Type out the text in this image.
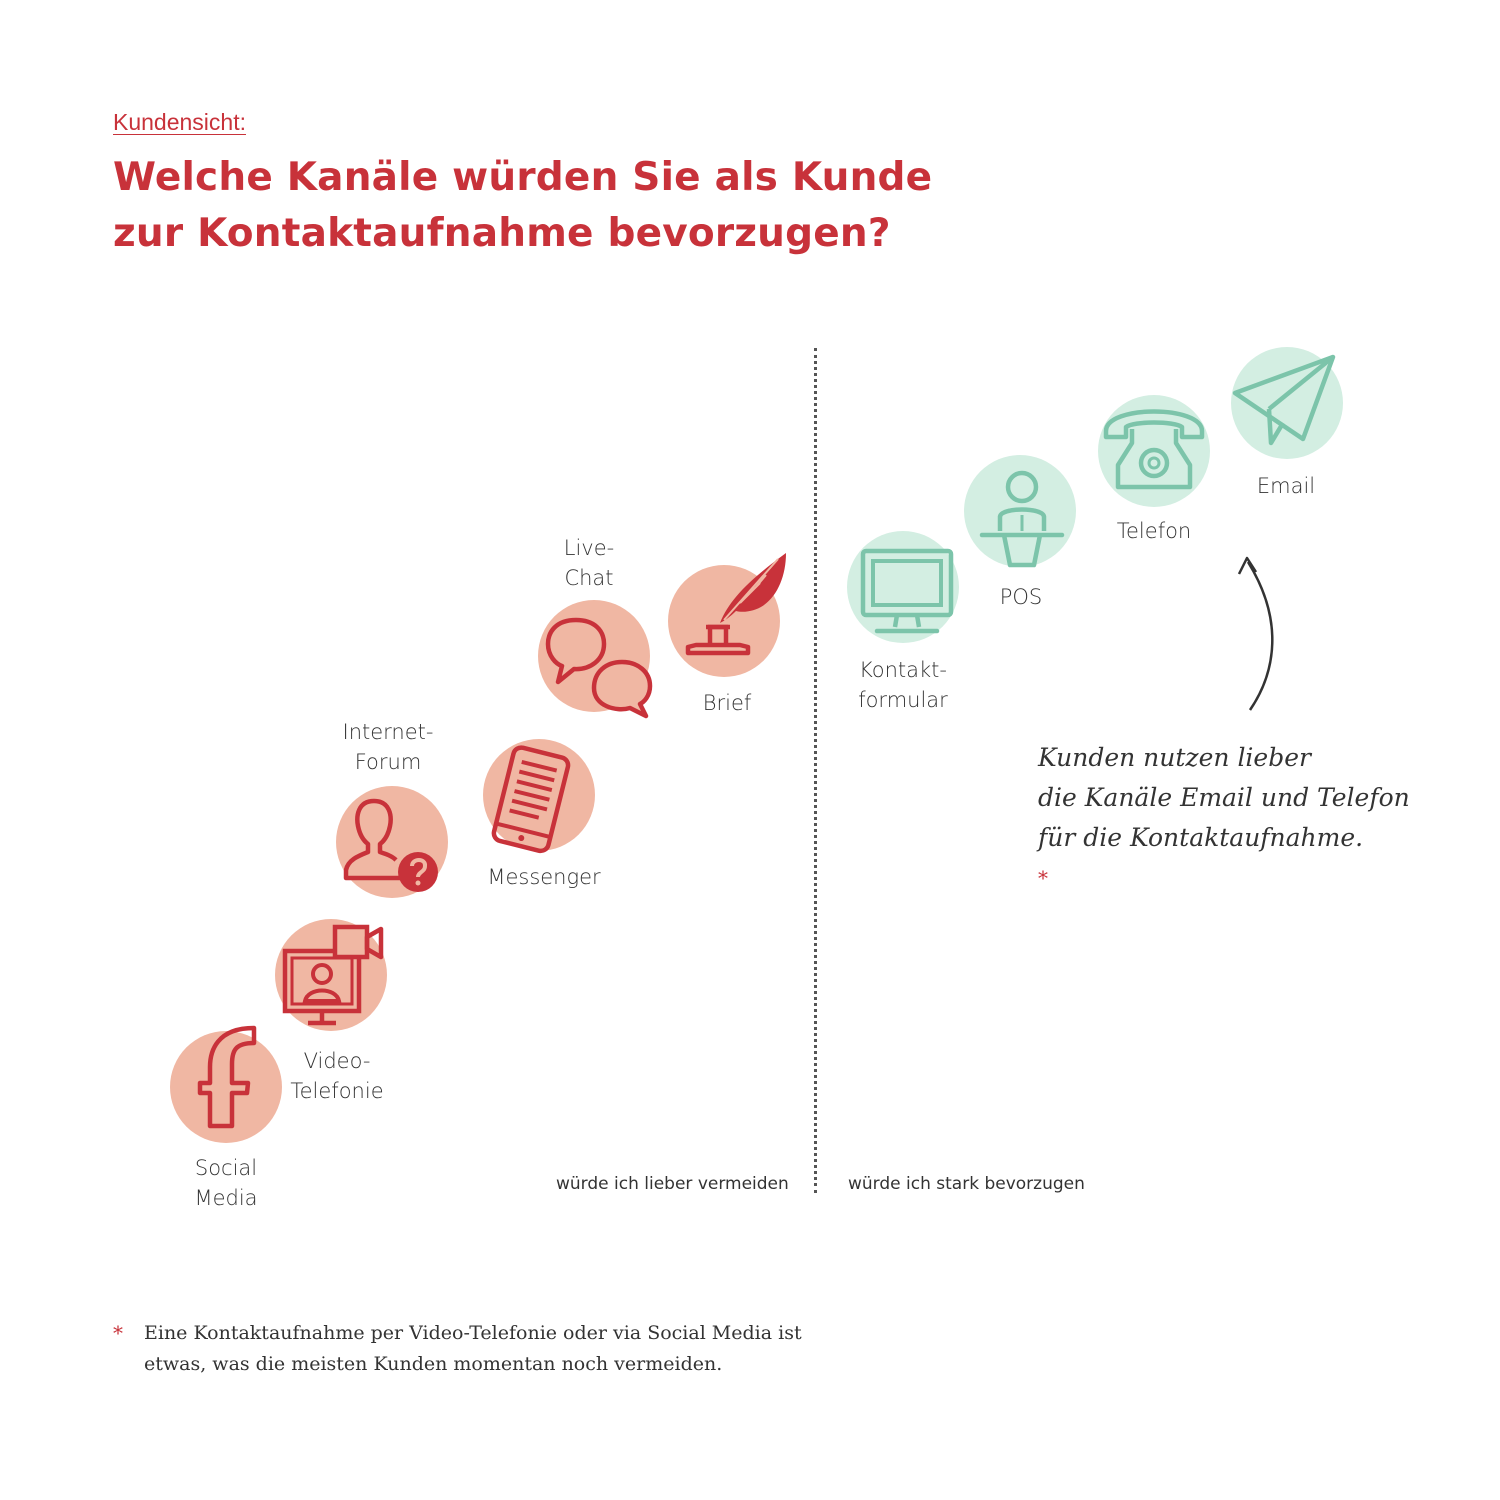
Kundensicht:
Welche Kanäle würden Sie als Kunde
zur Kontaktaufnahme bevorzugen?
Social
Media
Video-
Telefonie
Internet-
Forum
Messenger
Live-
Chat
Brief
Kontakt-
formular
POS
Telefon
Email
würde ich lieber vermeiden	würde ich stark bevorzugen
Kunden nutzen lieber
die Kanäle Email und Telefon
für die Kontaktaufnahme.
*
* Eine Kontaktaufnahme per Video-Telefonie oder via Social Media ist
etwas, was die meisten Kunden momentan noch vermeiden.
